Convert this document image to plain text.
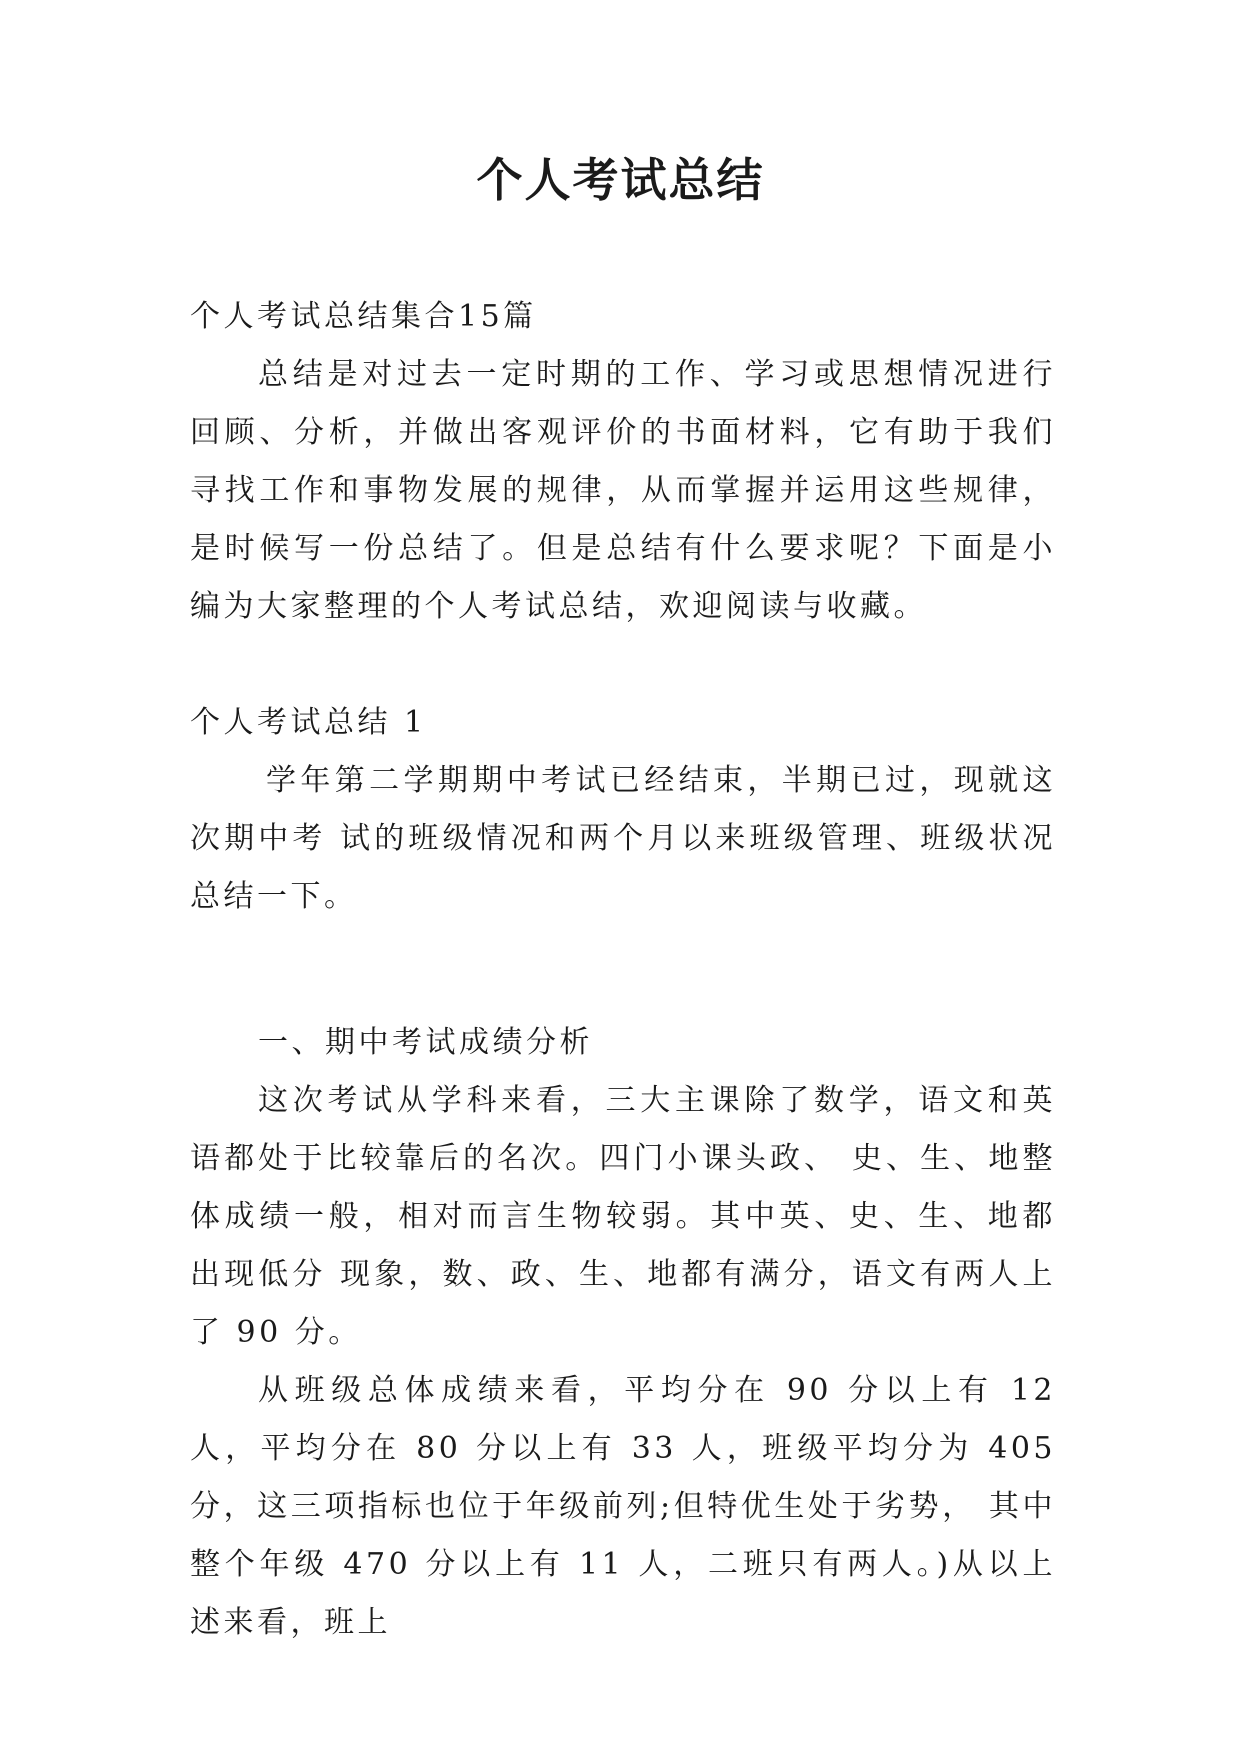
个人考试总结

个人考试总结集合15篇

总结是对过去一定时期的工作、学习或思想情况进行回顾、分析，并做出客观评价的书面材料，它有助于我们寻找工作和事物发展的规律，从而掌握并运用这些规律，是时候写一份总结了。但是总结有什么要求呢？下面是小编为大家整理的个人考试总结，欢迎阅读与收藏。

个人考试总结 1

学年第二学期期中考试已经结束，半期已过，现就这次期中考 试的班级情况和两个月以来班级管理、班级状况总结一下。

一、期中考试成绩分析

这次考试从学科来看，三大主课除了数学，语文和英语都处于比较靠后的名次。四门小课头政、 史、生、地整体成绩一般，相对而言生物较弱。其中英、史、生、地都出现低分 现象，数、政、生、地都有满分，语文有两人上了 90 分。

从班级总体成绩来看，平均分在 90 分以上有 12 人，平均分在 80 分以上有 33 人，班级平均分为 405 分，这三项指标也位于年级前列;但特优生处于劣势， 其中整个年级 470 分以上有 11 人，二班只有两人。)从以上述来看，班上
